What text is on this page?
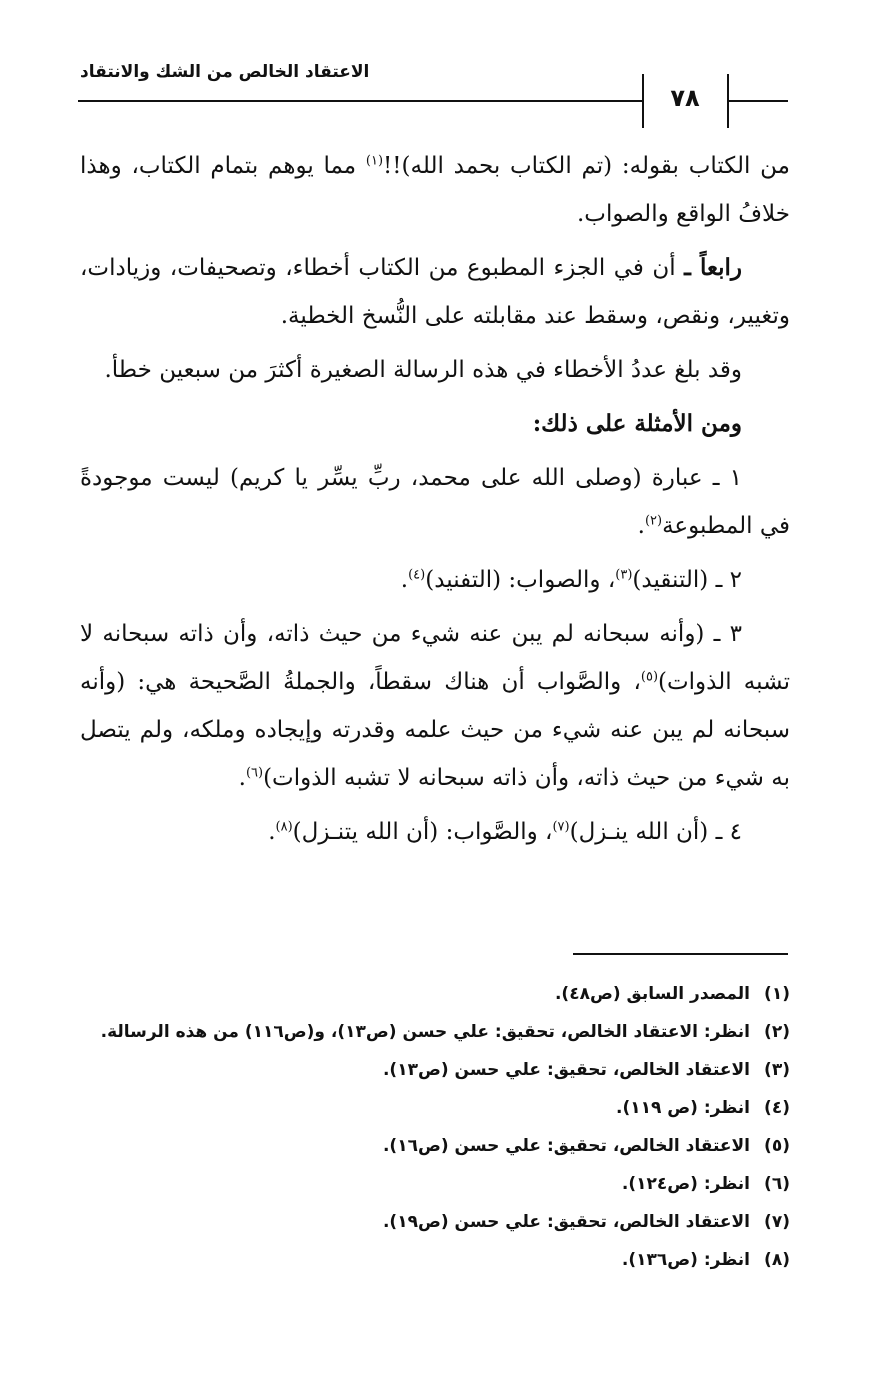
الاعتقاد الخالص من الشك والانتقاد
٧٨

من الكتاب بقوله: (تم الكتاب بحمد الله)!!$^{(١)}$ مما يوهم بتمام الكتاب، وهذا خلافُ الواقع والصواب.

رابعاً ـ أن في الجزء المطبوع من الكتاب أخطاء، وتصحيفات، وزيادات، وتغيير، ونقص، وسقط عند مقابلته على النُّسخ الخطية.

وقد بلغ عددُ الأخطاء في هذه الرسالة الصغيرة أكثرَ من سبعين خطأ.

ومن الأمثلة على ذلك:

١ ـ عبارة (وصلى الله على محمد، ربِّ يسِّر يا كريم) ليست موجودةً في المطبوعة$^{(٢)}$.

٢ ـ (التنقيد)$^{(٣)}$، والصواب: (التفنيد)$^{(٤)}$.

٣ ـ (وأنه سبحانه لم يبن عنه شيء من حيث ذاته، وأن ذاته سبحانه لا تشبه الذوات)$^{(٥)}$، والصَّواب أن هناك سقطاً، والجملةُ الصَّحيحة هي: (وأنه سبحانه لم يبن عنه شيء من حيث علمه وقدرته وإيجاده وملكه، ولم يتصل به شيء من حيث ذاته، وأن ذاته سبحانه لا تشبه الذوات)$^{(٦)}$.

٤ ـ (أن الله ينـزل)$^{(٧)}$، والصَّواب: (أن الله يتنـزل)$^{(٨)}$.

(١)
المصدر السابق (ص٤٨).
(٢)
انظر: الاعتقاد الخالص، تحقيق: علي حسن (ص١٣)، و(ص١١٦) من هذه الرسالة.
(٣)
الاعتقاد الخالص، تحقيق: علي حسن (ص١٣).
(٤)
انظر: (ص ١١٩).
(٥)
الاعتقاد الخالص، تحقيق: علي حسن (ص١٦).
(٦)
انظر: (ص١٢٤).
(٧)
الاعتقاد الخالص، تحقيق: علي حسن (ص١٩).
(٨)
انظر: (ص١٣٦).
